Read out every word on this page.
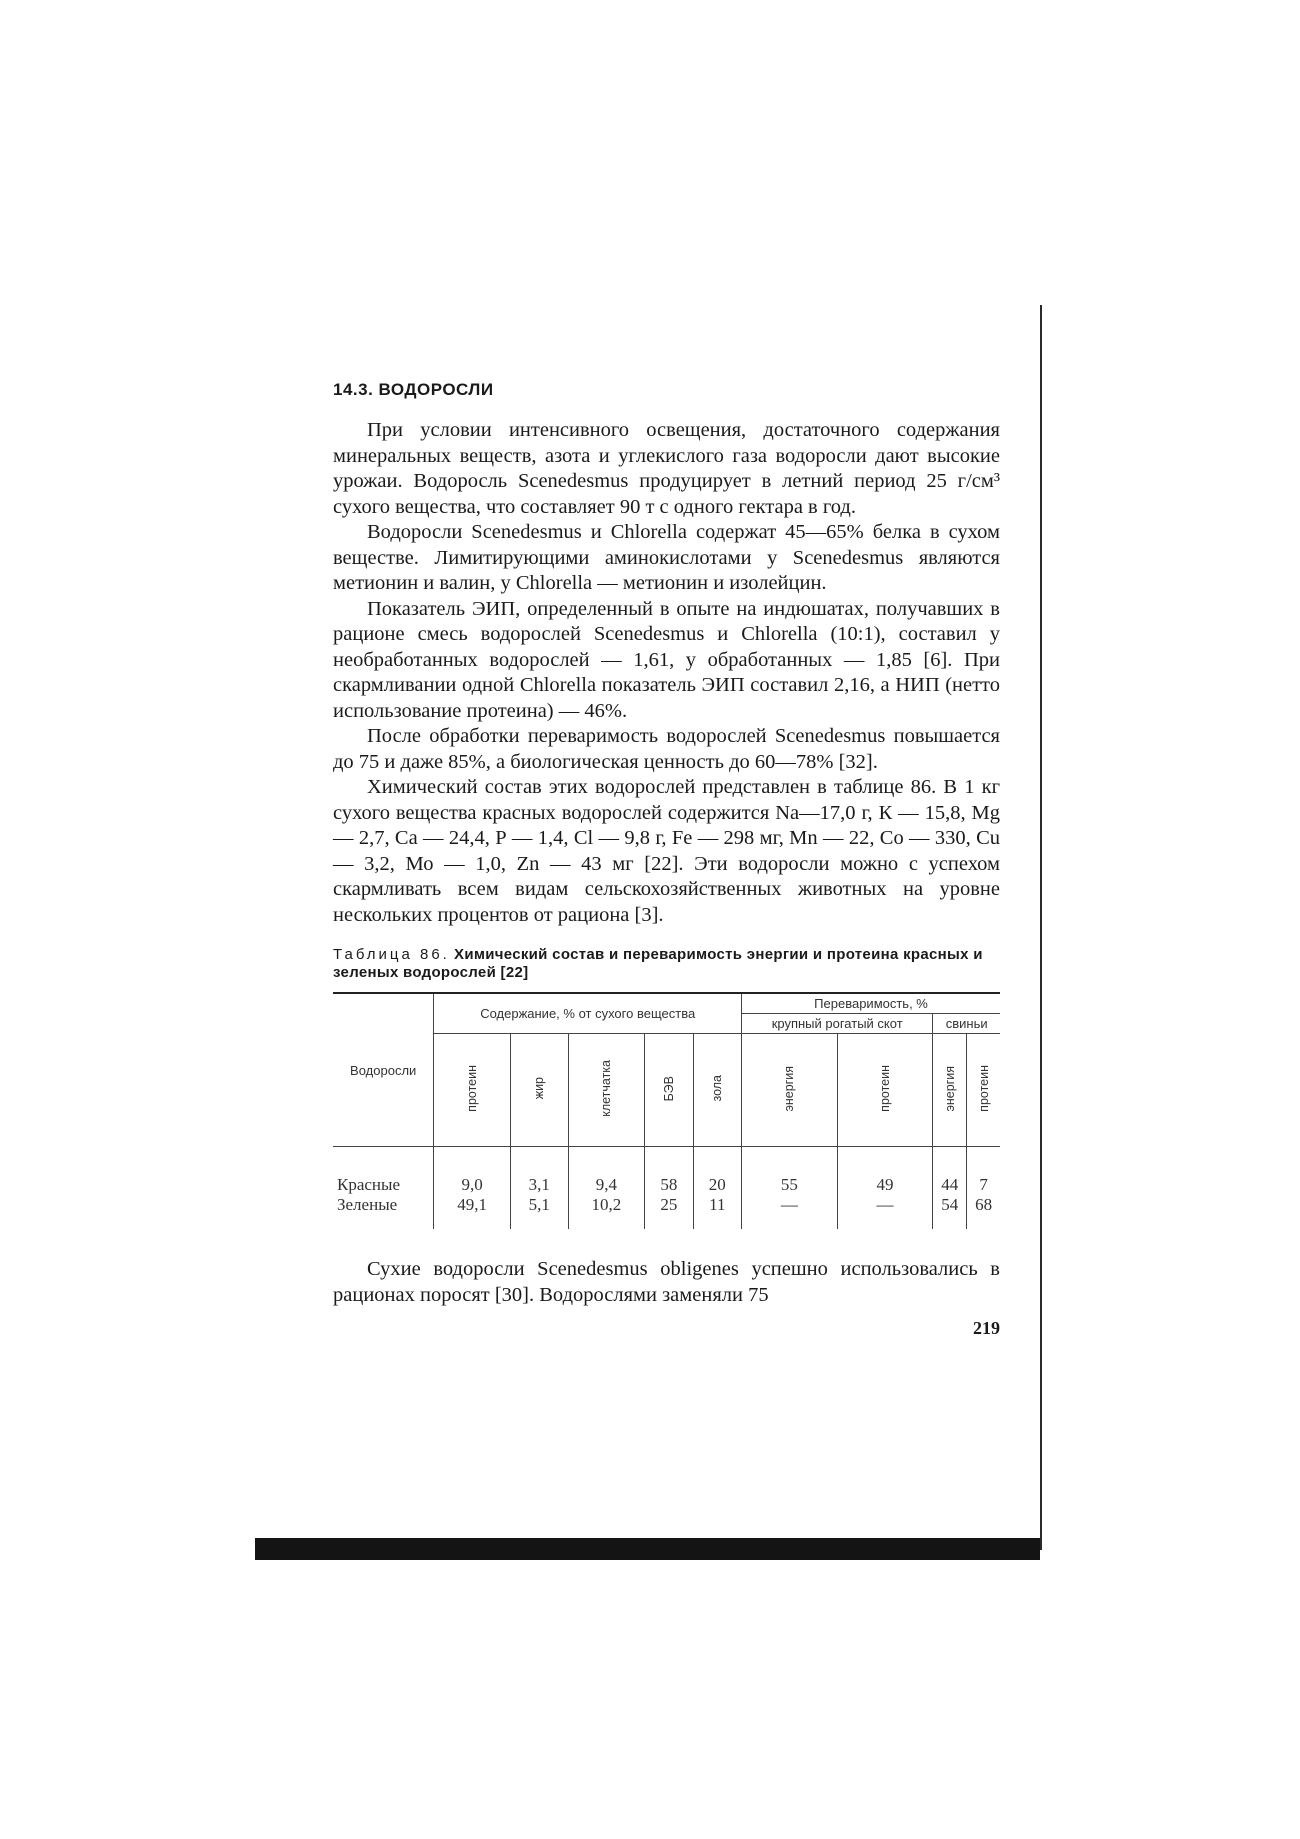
14.3. ВОДОРОСЛИ

При условии интенсивного освещения, достаточного содержания минеральных веществ, азота и углекислого газа водоросли дают высокие урожаи. Водоросль Scenedesmus продуцирует в летний период 25 г/см³ сухого вещества, что составляет 90 т с одного гектара в год.

Водоросли Scenedesmus и Chlorella содержат 45—65% белка в сухом веществе. Лимитирующими аминокислотами у Scenedesmus являются метионин и валин, у Chlorella — метионин и изолейцин.

Показатель ЭИП, определенный в опыте на индюшатах, получавших в рационе смесь водорослей Scenedesmus и Chlorella (10:1), составил у необработанных водорослей — 1,61, у обработанных — 1,85 [6]. При скармливании одной Chlorella показатель ЭИП составил 2,16, а НИП (нетто использование протеина) — 46%.

После обработки переваримость водорослей Scenedesmus повышается до 75 и даже 85%, а биологическая ценность до 60—78% [32].

Химический состав этих водорослей представлен в таблице 86. В 1 кг сухого вещества красных водорослей содержится Na—17,0 г, К — 15,8, Mg — 2,7, Са — 24,4, Р — 1,4, Cl — 9,8 г, Fe — 298 мг, Mn — 22, Со — 330, Cu — 3,2, Мо — 1,0, Zn — 43 мг [22]. Эти водоросли можно с успехом скармливать всем видам сельскохозяйственных животных на уровне нескольких процентов от рациона [3].

Таблица 86. Химический состав и переваримость энергии и протеина красных и зеленых водорослей [22]
Водоросли	Содержание, % от сухого вещества					Переваримость, %			
						крупный рогатый скот		свиньи	
	протеин	жир	клетчатка	БЭВ	зола	энергия	протеин	энергия	протеин
Красные	9,0	3,1	9,4	58	20	55	49	44	7
Зеленые	49,1	5,1	10,2	25	11	—	—	54	68

Сухие водоросли Scenedesmus obligenes успешно использовались в рационах поросят [30]. Водорослями заменяли 75

219
